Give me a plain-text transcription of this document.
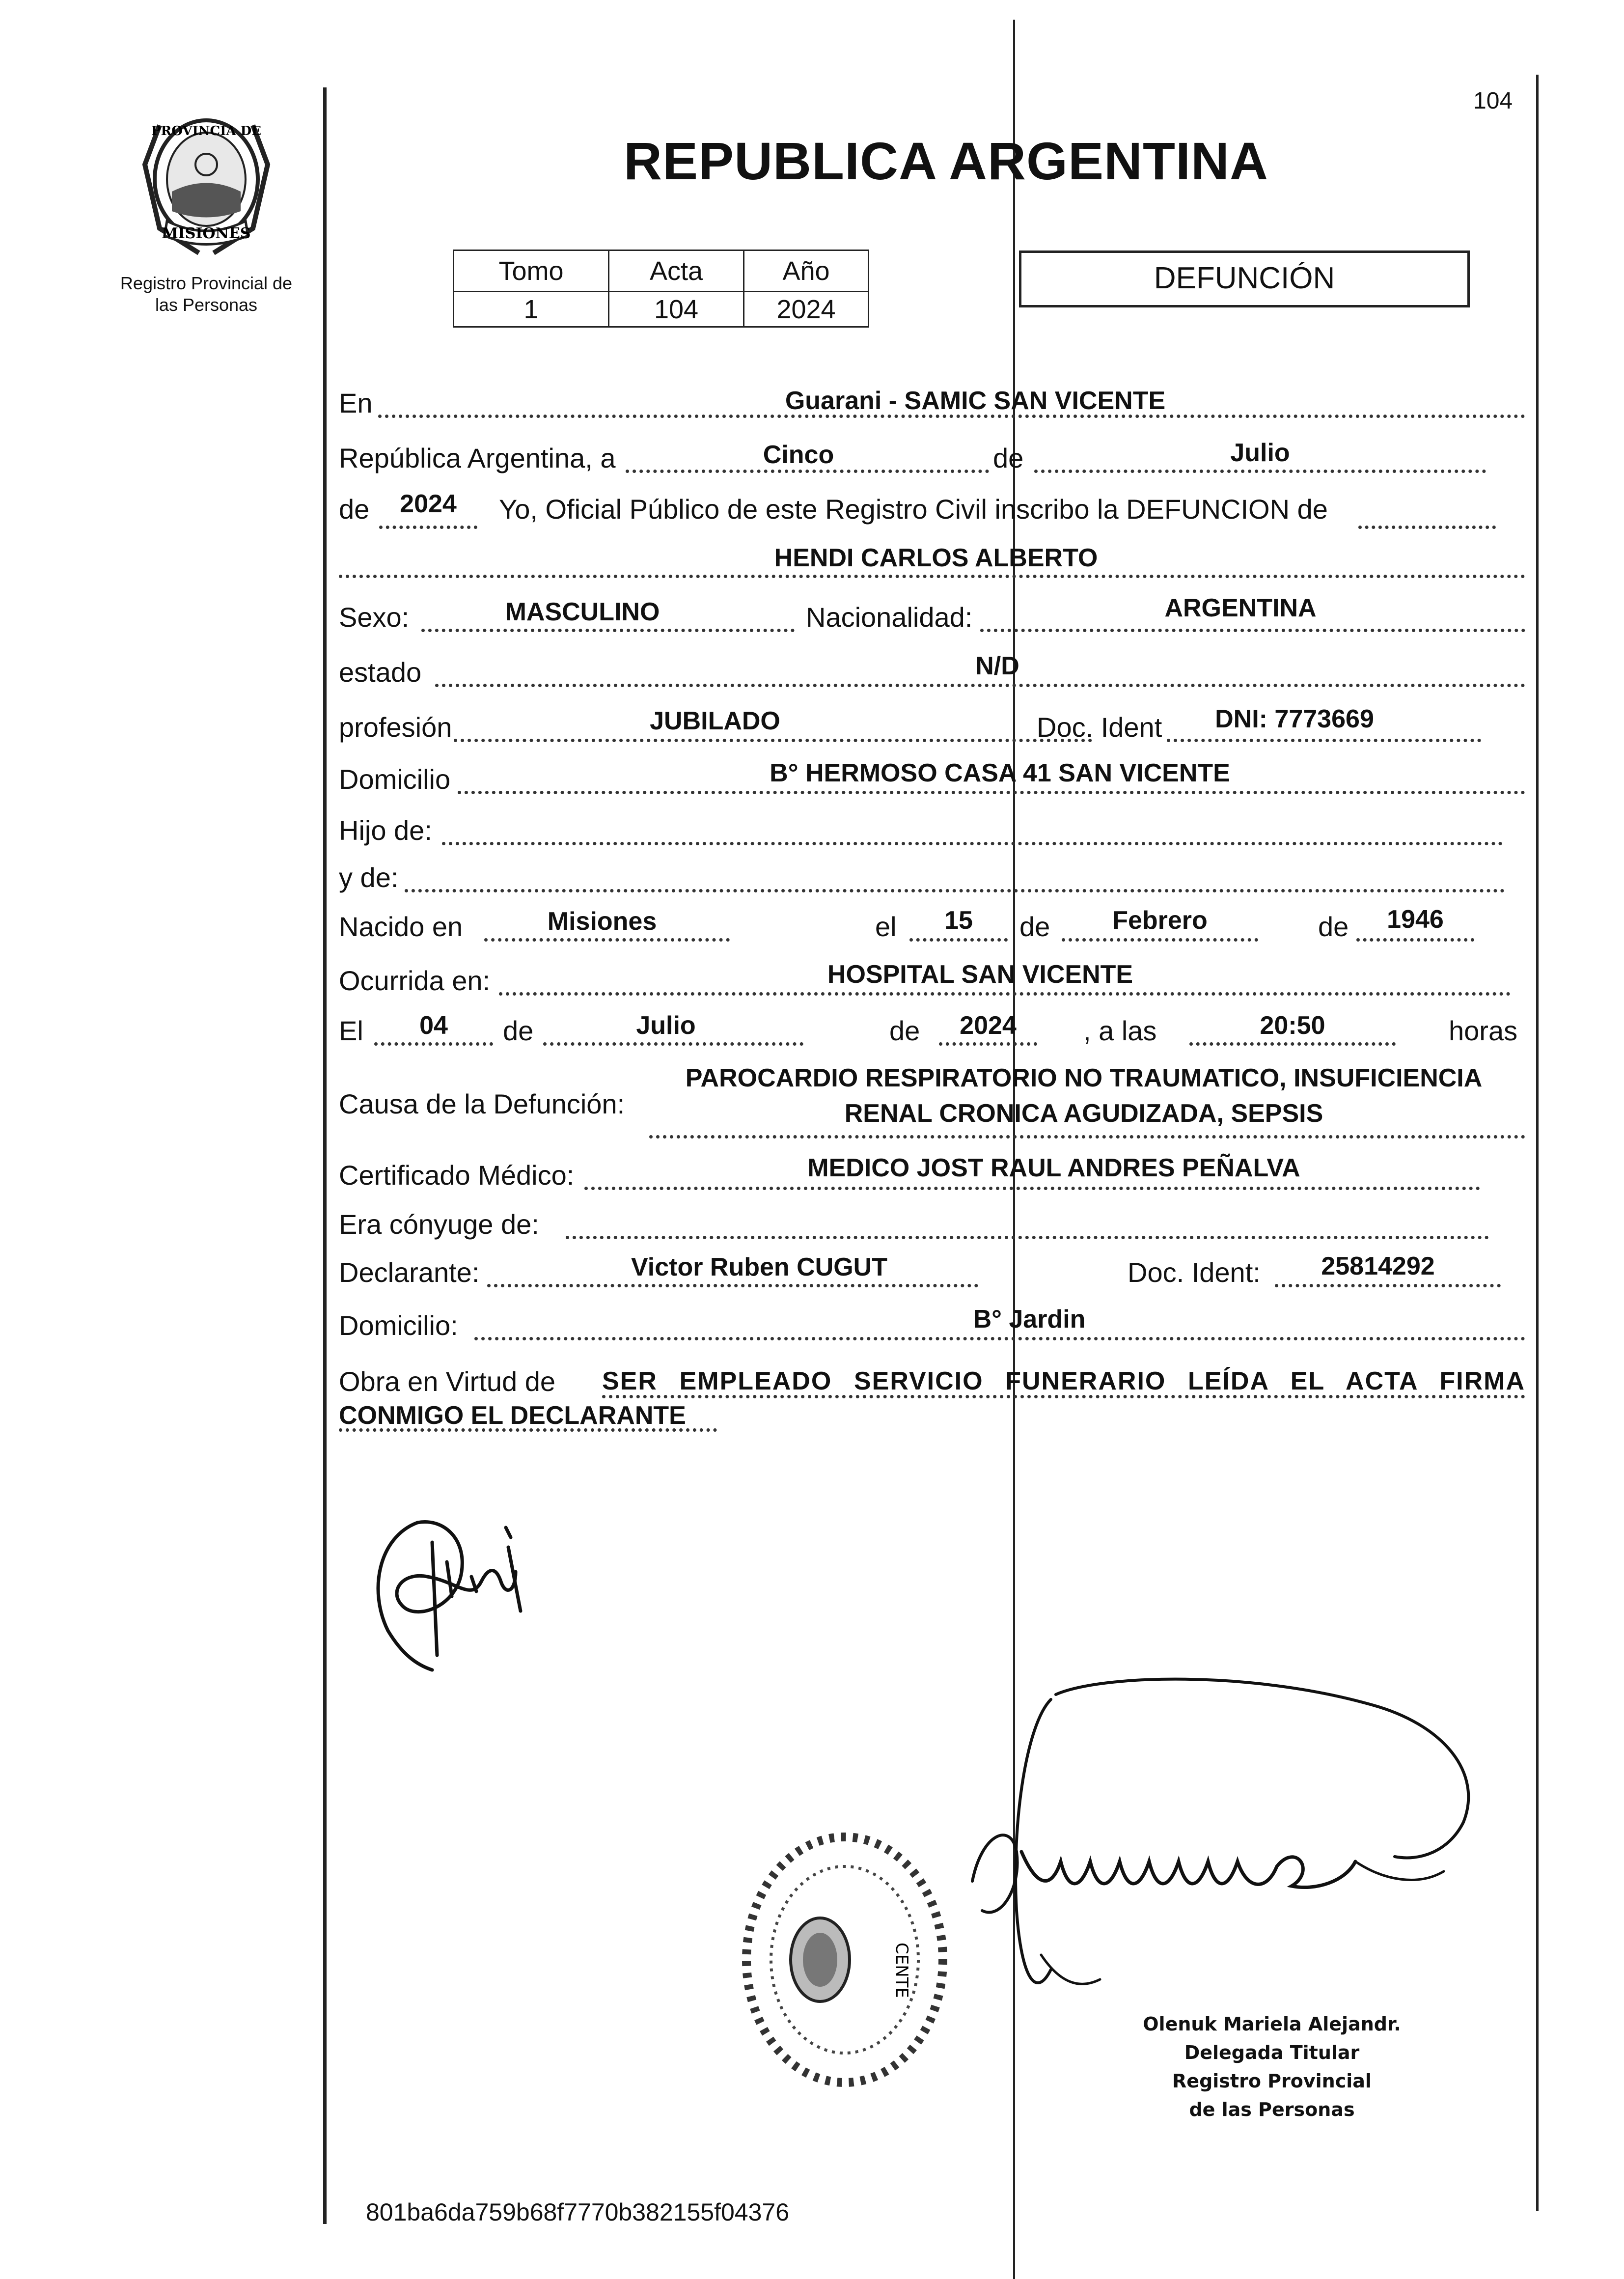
104
PROVINCIA DE
MISIONES
Registro Provincial de
las Personas
REPUBLICA ARGENTINA
Tomo	Acta	Año
1	104	2024
DEFUNCIÓN
En	Guarani - SAMIC SAN VICENTE
República Argentina, a	Cinco	de	Julio
de	2024	Yo, Oficial Público de este Registro Civil inscribo la DEFUNCION de
HENDI CARLOS ALBERTO
Sexo:	MASCULINO	Nacionalidad:	ARGENTINA
estado	N/D
profesión	JUBILADO	Doc. Ident	DNI: 7773669
Domicilio	B° HERMOSO CASA 41 SAN VICENTE
Hijo de:
y de:
Nacido en	Misiones	el	15	de	Febrero	de	1946
Ocurrida en:	HOSPITAL SAN VICENTE
El	04	de	Julio	de	2024	, a las	20:50	horas
Causa de la Defunción:
PAROCARDIO RESPIRATORIO NO TRAUMATICO, INSUFICIENCIA
RENAL CRONICA AGUDIZADA, SEPSIS
Certificado Médico:	MEDICO JOST RAUL ANDRES PEÑALVA
Era cónyuge de:
Declarante:	Victor Ruben CUGUT	Doc. Ident:	25814292
Domicilio:	B° Jardin
Obra en Virtud de SER EMPLEADO SERVICIO FUNERARIO LEÍDA EL ACTA FIRMA
CONMIGO EL DECLARANTE
CENTE
Olenuk Mariela Alejandr.
Delegada Titular
Registro Provincial
de las Personas
801ba6da759b68f7770b382155f04376
